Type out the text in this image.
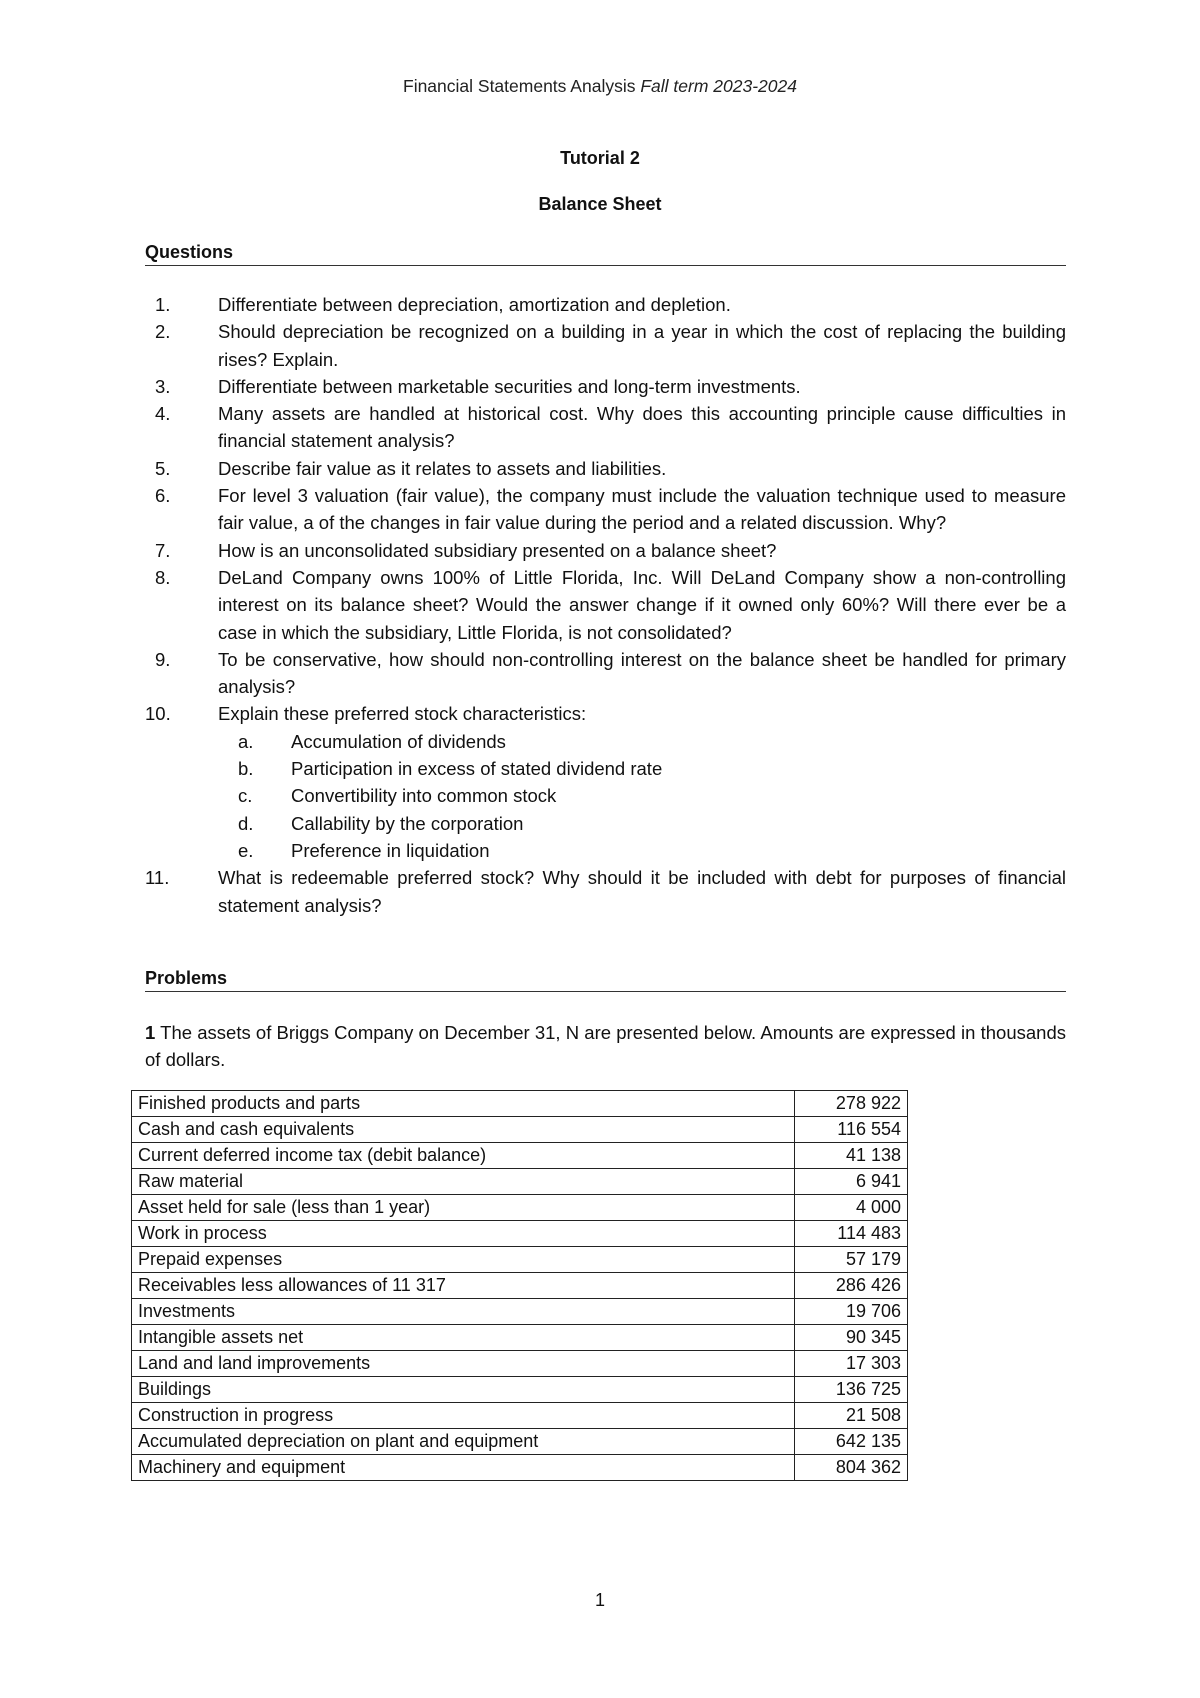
Financial Statements Analysis Fall term 2023-2024
Tutorial 2
Balance Sheet
Questions
1.	Differentiate between depreciation, amortization and depletion.
2.	Should depreciation be recognized on a building in a year in which the cost of replacing the building rises? Explain.
3.	Differentiate between marketable securities and long-term investments.
4.	Many assets are handled at historical cost. Why does this accounting principle cause difficulties in financial statement analysis?
5.	Describe fair value as it relates to assets and liabilities.
6.	For level 3 valuation (fair value), the company must include the valuation technique used to measure fair value, a of the changes in fair value during the period and a related discussion. Why?
7.	How is an unconsolidated subsidiary presented on a balance sheet?
8.	DeLand Company owns 100% of Little Florida, Inc. Will DeLand Company show a non-controlling interest on its balance sheet? Would the answer change if it owned only 60%? Will there ever be a case in which the subsidiary, Little Florida, is not consolidated?
9.	To be conservative, how should non-controlling interest on the balance sheet be handled for primary analysis?
10.	Explain these preferred stock characteristics:
a. Accumulation of dividends
b. Participation in excess of stated dividend rate
c. Convertibility into common stock
d. Callability by the corporation
e. Preference in liquidation
11.	What is redeemable preferred stock? Why should it be included with debt for purposes of financial statement analysis?
Problems
1 The assets of Briggs Company on December 31, N are presented below. Amounts are expressed in thousands of dollars.
Finished products and parts	278 922
Cash and cash equivalents	116 554
Current deferred income tax (debit balance)	41 138
Raw material	6 941
Asset held for sale (less than 1 year)	4 000
Work in process	114 483
Prepaid expenses	57 179
Receivables less allowances of 11 317	286 426
Investments	19 706
Intangible assets net	90 345
Land and land improvements	17 303
Buildings	136 725
Construction in progress	21 508
Accumulated depreciation on plant and equipment	642 135
Machinery and equipment	804 362
1
